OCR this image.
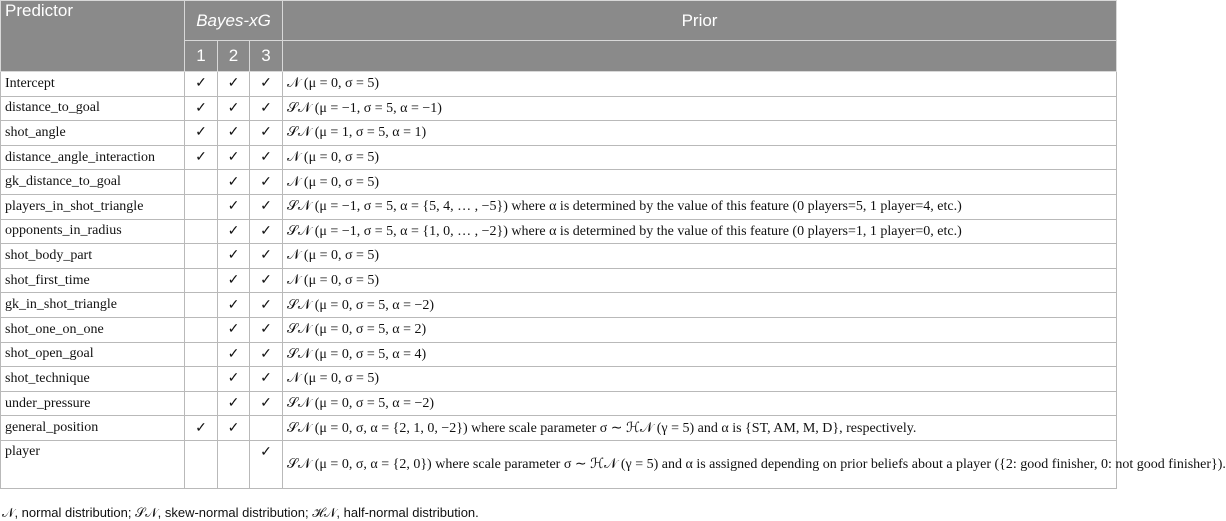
Predictor	Bayes-xG			Prior
	1	2	3	
Intercept	✓	✓	✓	𝒩 (μ = 0, σ = 5)
distance_to_goal	✓	✓	✓	𝒮𝒩 (μ = −1, σ = 5, α = −1)
shot_angle	✓	✓	✓	𝒮𝒩 (μ = 1, σ = 5, α = 1)
distance_angle_interaction	✓	✓	✓	𝒩 (μ = 0, σ = 5)
gk_distance_to_goal		✓	✓	𝒩 (μ = 0, σ = 5)
players_in_shot_triangle		✓	✓	𝒮𝒩 (μ = −1, σ = 5, α = {5, 4, … , −5}) where α is determined by the value of this feature (0 players=5, 1 player=4, etc.)
opponents_in_radius		✓	✓	𝒮𝒩 (μ = −1, σ = 5, α = {1, 0, … , −2}) where α is determined by the value of this feature (0 players=1, 1 player=0, etc.)
shot_body_part		✓	✓	𝒩 (μ = 0, σ = 5)
shot_first_time		✓	✓	𝒩 (μ = 0, σ = 5)
gk_in_shot_triangle		✓	✓	𝒮𝒩 (μ = 0, σ = 5, α = −2)
shot_one_on_one		✓	✓	𝒮𝒩 (μ = 0, σ = 5, α = 2)
shot_open_goal		✓	✓	𝒮𝒩 (μ = 0, σ = 5, α = 4)
shot_technique		✓	✓	𝒩 (μ = 0, σ = 5)
under_pressure		✓	✓	𝒮𝒩 (μ = 0, σ = 5, α = −2)
general_position	✓	✓		𝒮𝒩 (μ = 0, σ, α = {2, 1, 0, −2}) where scale parameter σ ∼ ℋ𝒩 (γ = 5) and α is {ST, AM, M, D}, respectively.
player			✓	𝒮𝒩 (μ = 0, σ, α = {2, 0}) where scale parameter σ ∼ ℋ𝒩 (γ = 5) and α is assigned depending on prior beliefs about a player ({2: good finisher, 0: not good finisher}).
𝒩, normal distribution; 𝒮𝒩, skew-normal distribution; ℋ𝒩, half-normal distribution.
